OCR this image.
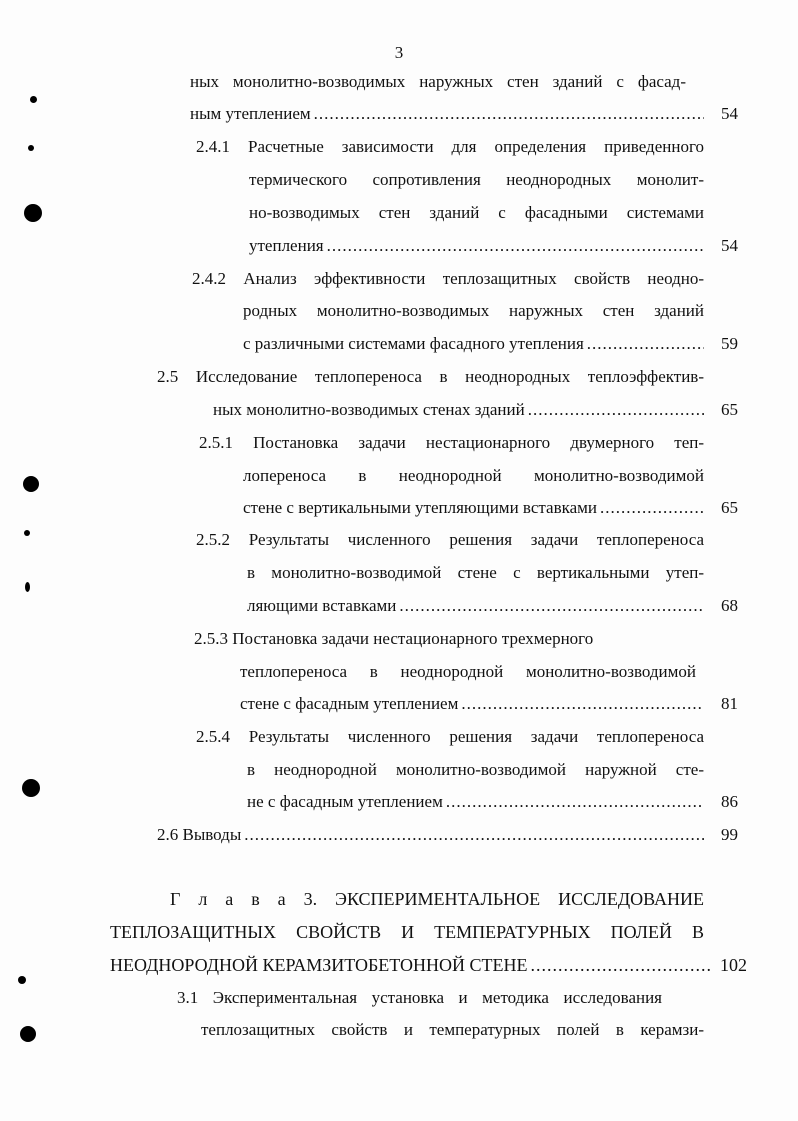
3
ных монолитно-возводимых наружных стен зданий с фасад-
ным утеплением .....	54
2.4.1 Расчетные зависимости для определения приведенного
термического сопротивления неоднородных монолит-
но-возводимых стен зданий с фасадными системами
утепления .....	54
2.4.2 Анализ эффективности теплозащитных свойств неодно-
родных монолитно-возводимых наружных стен зданий
с различными системами фасадного утепления .....	59
2.5 Исследование теплопереноса в неоднородных теплоэффектив-
ных монолитно-возводимых стенах зданий .....	65
2.5.1 Постановка задачи нестационарного двумерного теп-
лопереноса в неоднородной монолитно-возводимой
стене с вертикальными утепляющими вставками .....	65
2.5.2 Результаты численного решения задачи теплопереноса
в монолитно-возводимой стене с вертикальными утеп-
ляющими вставками .....	68
2.5.3 Постановка задачи нестационарного трехмерного
теплопереноса в неоднородной монолитно-возводимой
стене с фасадным утеплением .....	81
2.5.4 Результаты численного решения задачи теплопереноса
в неоднородной монолитно-возводимой наружной сте-
не с фасадным утеплением .....	86
2.6 Выводы .....	99
Г л а в а 3. ЭКСПЕРИМЕНТАЛЬНОЕ ИССЛЕДОВАНИЕ
ТЕПЛОЗАЩИТНЫХ СВОЙСТВ И ТЕМПЕРАТУРНЫХ ПОЛЕЙ В
НЕОДНОРОДНОЙ КЕРАМЗИТОБЕТОННОЙ СТЕНЕ .....	102
3.1 Экспериментальная установка и методика исследования
теплозащитных свойств и температурных полей в керамзи-
